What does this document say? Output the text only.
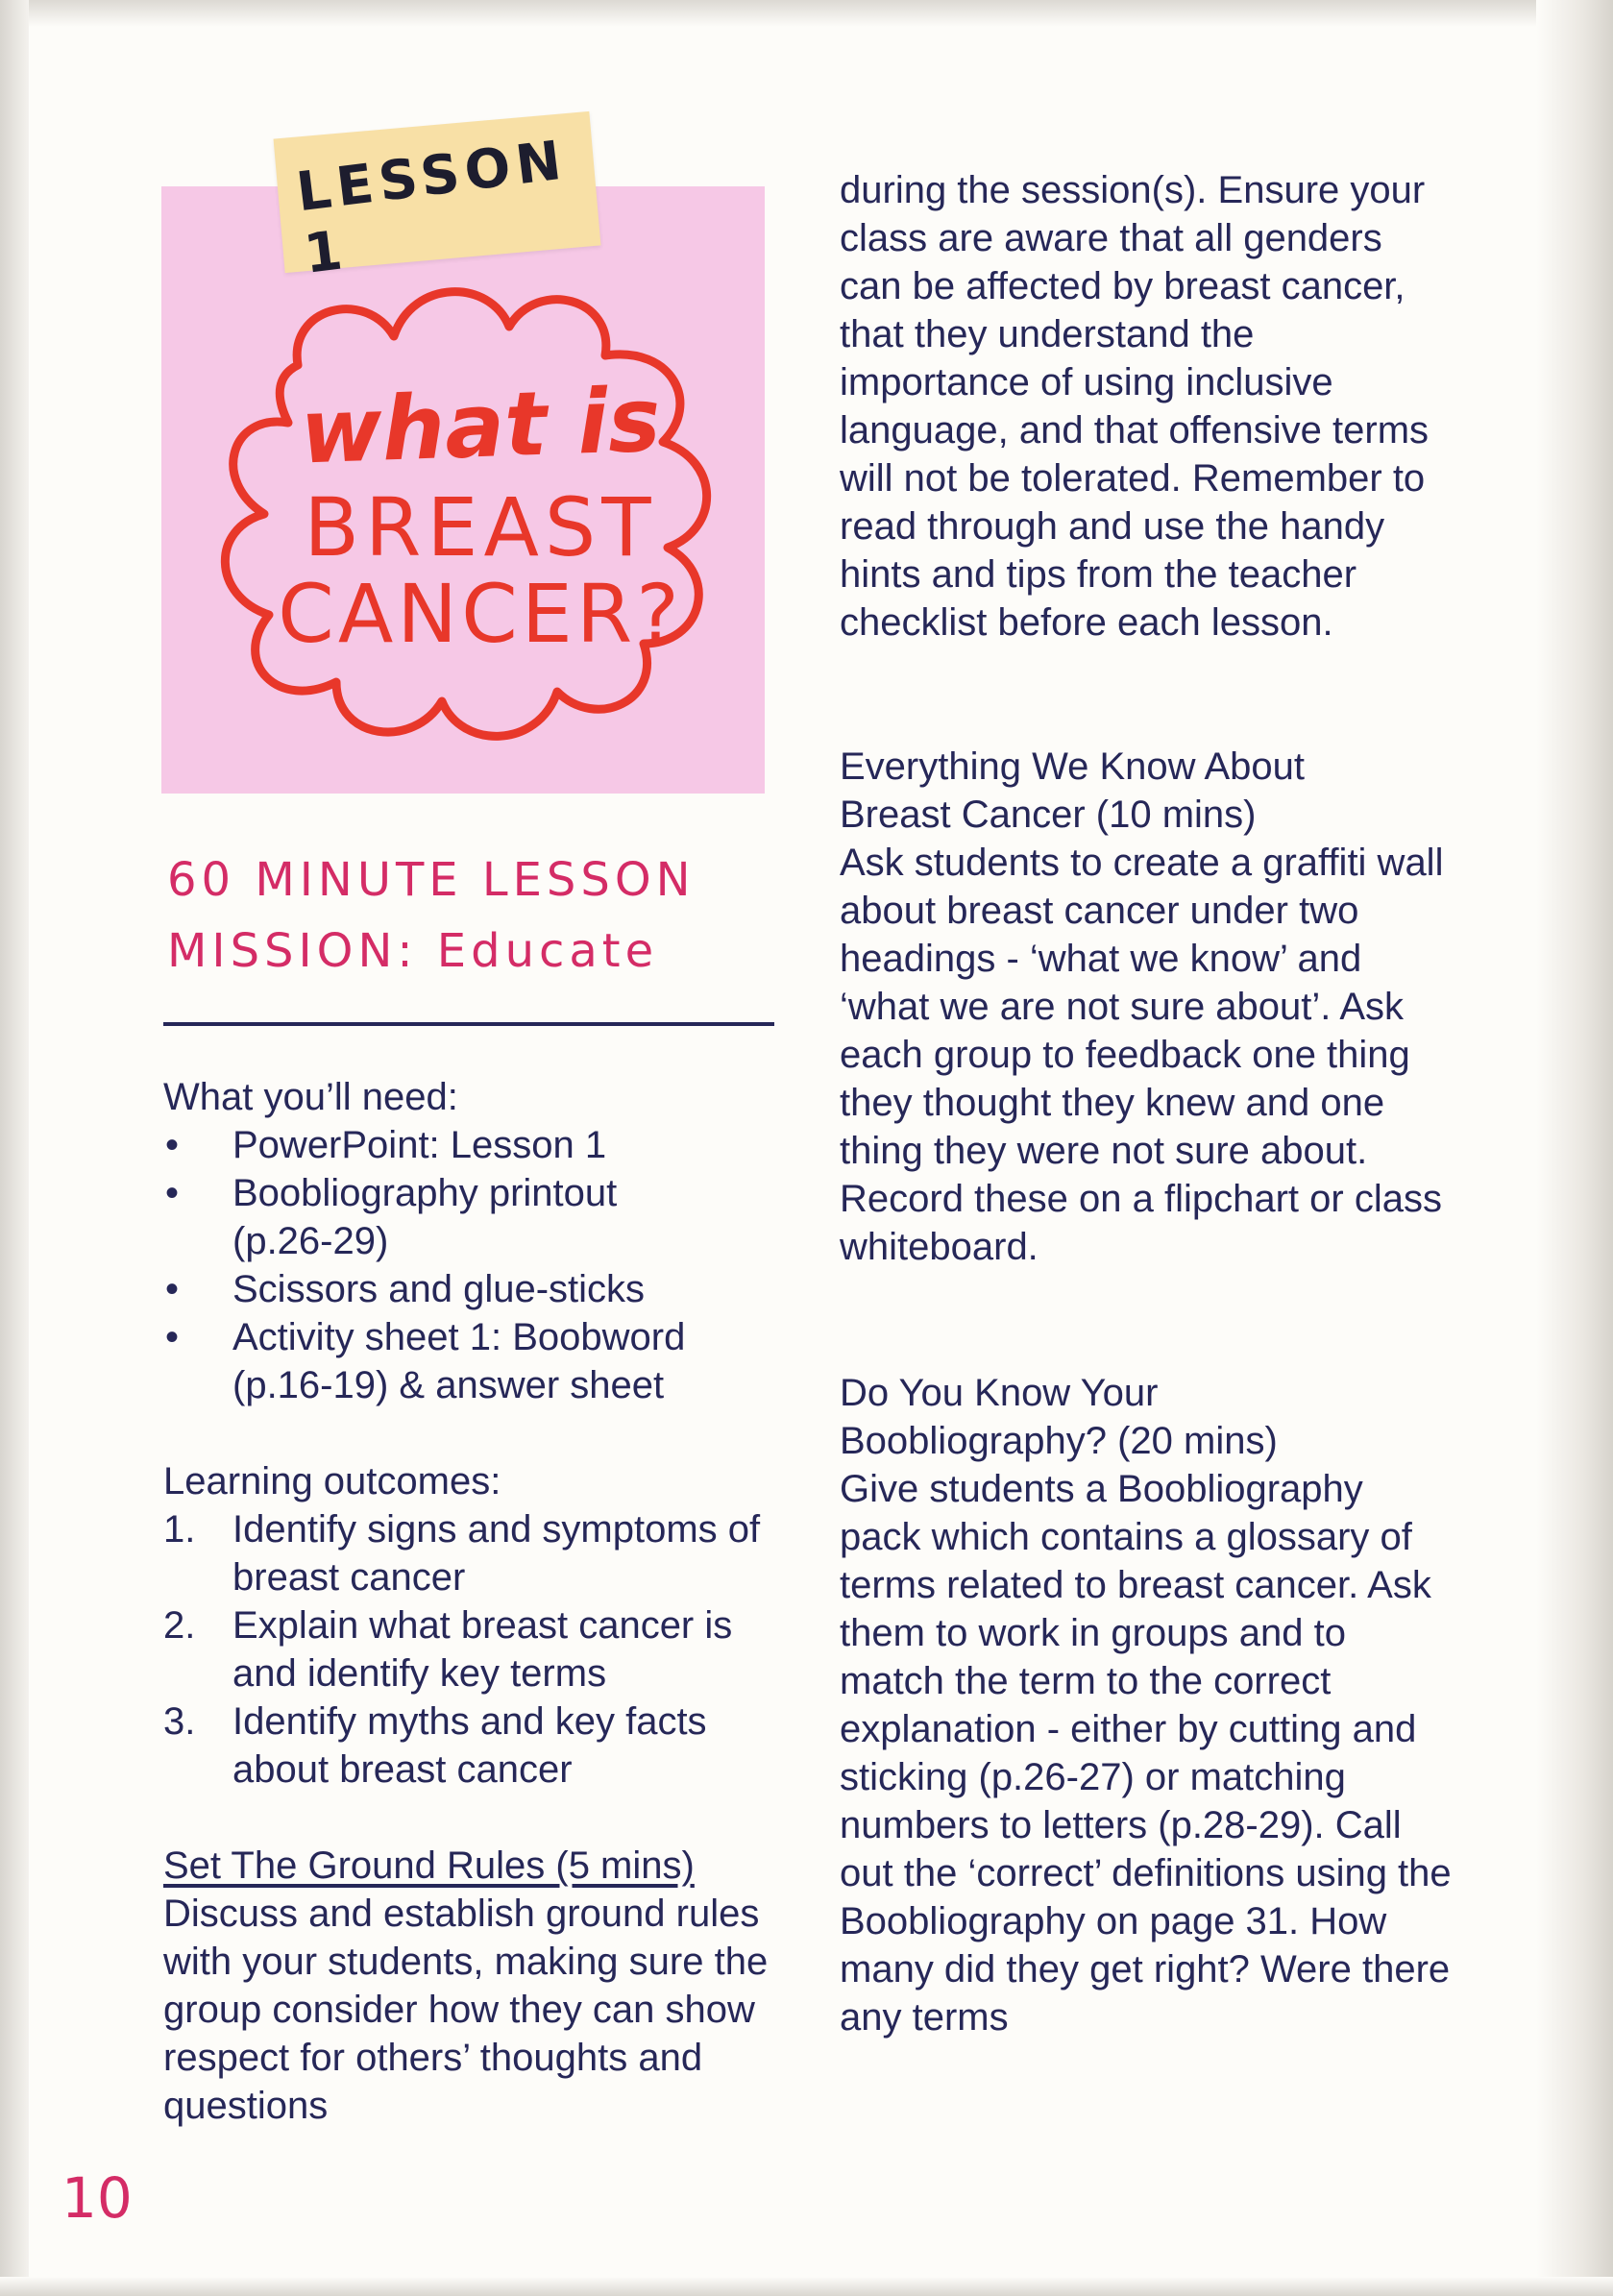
LESSON 1
what is
BREAST
CANCER?
60 MINUTE LESSON
MISSION: Educate

What you’ll need:

• PowerPoint: Lesson 1
• Boobliography printout (p.26-29)
• Scissors and glue-sticks
• Activity sheet 1: Boobword (p.16-19) & answer sheet

Learning outcomes:

1. Identify signs and symptoms of breast cancer
2. Explain what breast cancer is and identify key terms
3. Identify myths and key facts about breast cancer

Set The Ground Rules (5 mins)

Discuss and establish ground rules with your students, making sure the group consider how they can show respect for others’ thoughts and questions

during the session(s). Ensure your class are aware that all genders can be affected by breast cancer, that they understand the importance of using inclusive language, and that offensive terms will not be tolerated. Remember to read through and use the handy hints and tips from the teacher checklist before each lesson.

Everything We Know About Breast Cancer (10 mins)

Ask students to create a graffiti wall about breast cancer under two headings - ‘what we know’ and ‘what we are not sure about’. Ask each group to feedback one thing they thought they knew and one thing they were not sure about. Record these on a flipchart or class whiteboard.

Do You Know Your Boobliography? (20 mins)

Give students a Boobliography pack which contains a glossary of terms related to breast cancer. Ask them to work in groups and to match the term to the correct explanation - either by cutting and sticking (p.26-27) or matching numbers to letters (p.28-29). Call out the ‘correct’ definitions using the Boobliography on page 31. How many did they get right? Were there any terms

10
